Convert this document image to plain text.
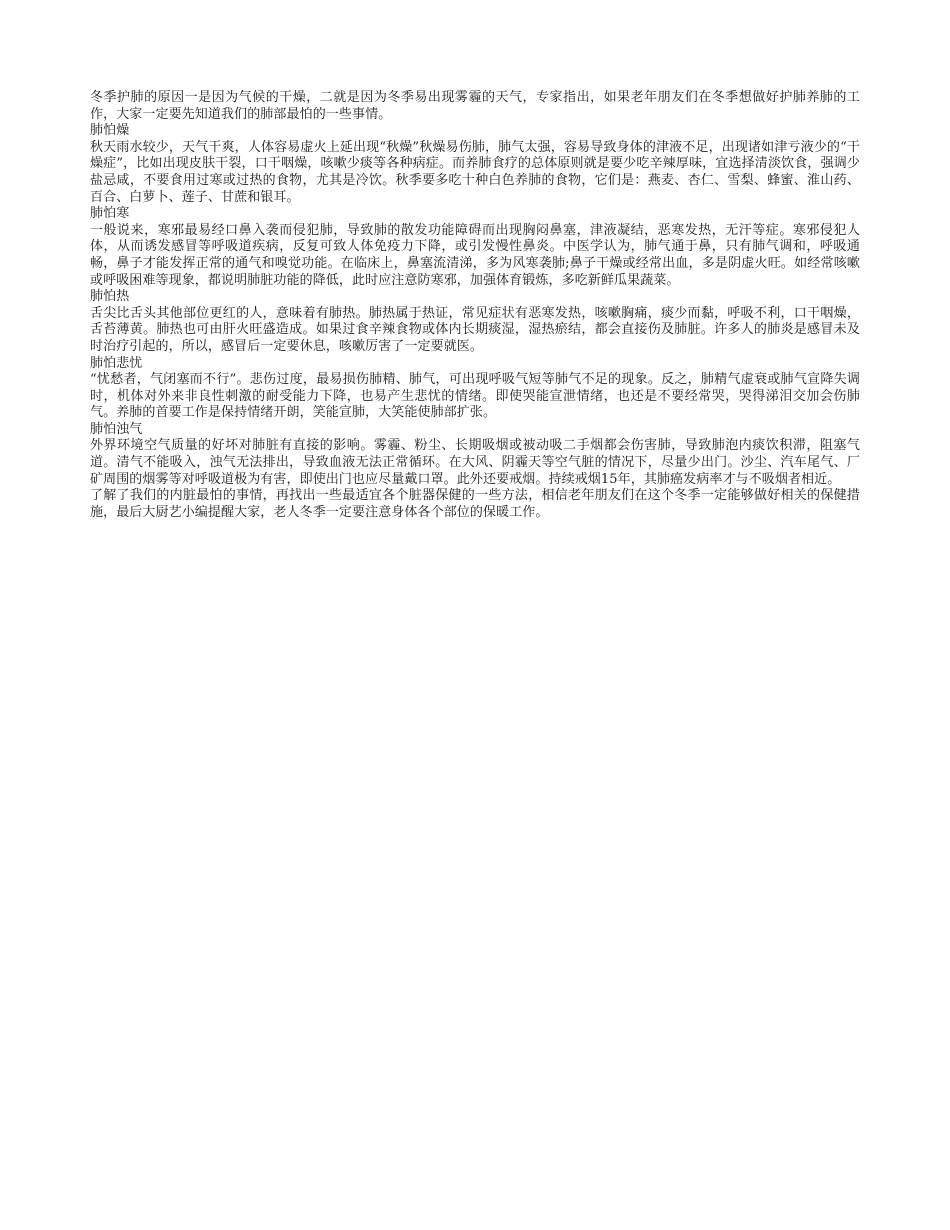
冬季护肺的原因一是因为气候的干燥，二就是因为冬季易出现雾霾的天气，专家指出，如果老年朋友们在冬季想做好护肺养肺的工作，大家一定要先知道我们的肺部最怕的一些事情。

肺怕燥

秋天雨水较少，天气干爽，人体容易虚火上延出现“秋燥”秋燥易伤肺，肺气太强，容易导致身体的津液不足，出现诸如津亏液少的“干燥症”，比如出现皮肤干裂，口干咽燥，咳嗽少痰等各种病症。而养肺食疗的总体原则就是要少吃辛辣厚味，宜选择清淡饮食，强调少盐忌咸，不要食用过寒或过热的食物，尤其是冷饮。秋季要多吃十种白色养肺的食物，它们是：燕麦、杏仁、雪梨、蜂蜜、淮山药、百合、白萝卜、莲子、甘蔗和银耳。

肺怕寒

一般说来，寒邪最易经口鼻入袭而侵犯肺，导致肺的散发功能障碍而出现胸闷鼻塞，津液凝结，恶寒发热，无汗等症。寒邪侵犯人体，从而诱发感冒等呼吸道疾病，反复可致人体免疫力下降，或引发慢性鼻炎。中医学认为，肺气通于鼻，只有肺气调和，呼吸通畅，鼻子才能发挥正常的通气和嗅觉功能。在临床上，鼻塞流清涕，多为风寒袭肺;鼻子干燥或经常出血，多是阴虚火旺。如经常咳嗽或呼吸困难等现象，都说明肺脏功能的降低，此时应注意防寒邪，加强体育锻炼，多吃新鲜瓜果蔬菜。

肺怕热

舌尖比舌头其他部位更红的人，意味着有肺热。肺热属于热证，常见症状有恶寒发热，咳嗽胸痛，痰少而黏，呼吸不利，口干咽燥，舌苔薄黄。肺热也可由肝火旺盛造成。如果过食辛辣食物或体内长期痰湿，湿热瘀结，都会直接伤及肺脏。许多人的肺炎是感冒未及时治疗引起的，所以，感冒后一定要休息，咳嗽厉害了一定要就医。

肺怕悲忧

“忧愁者，气闭塞而不行”。悲伤过度，最易损伤肺精、肺气，可出现呼吸气短等肺气不足的现象。反之，肺精气虚衰或肺气宣降失调时，机体对外来非良性刺激的耐受能力下降，也易产生悲忧的情绪。即使哭能宣泄情绪，也还是不要经常哭，哭得涕泪交加会伤肺气。养肺的首要工作是保持情绪开朗，笑能宣肺，大笑能使肺部扩张。

肺怕浊气

外界环境空气质量的好坏对肺脏有直接的影响。雾霾、粉尘、长期吸烟或被动吸二手烟都会伤害肺，导致肺泡内痰饮积滞，阻塞气道。清气不能吸入，浊气无法排出，导致血液无法正常循环。在大风、阴霾天等空气脏的情况下，尽量少出门。沙尘、汽车尾气、厂矿周围的烟雾等对呼吸道极为有害，即使出门也应尽量戴口罩。此外还要戒烟。持续戒烟15年，其肺癌发病率才与不吸烟者相近。

了解了我们的内脏最怕的事情，再找出一些最适宜各个脏器保健的一些方法，相信老年朋友们在这个冬季一定能够做好相关的保健措施，最后大厨艺小编提醒大家，老人冬季一定要注意身体各个部位的保暖工作。
